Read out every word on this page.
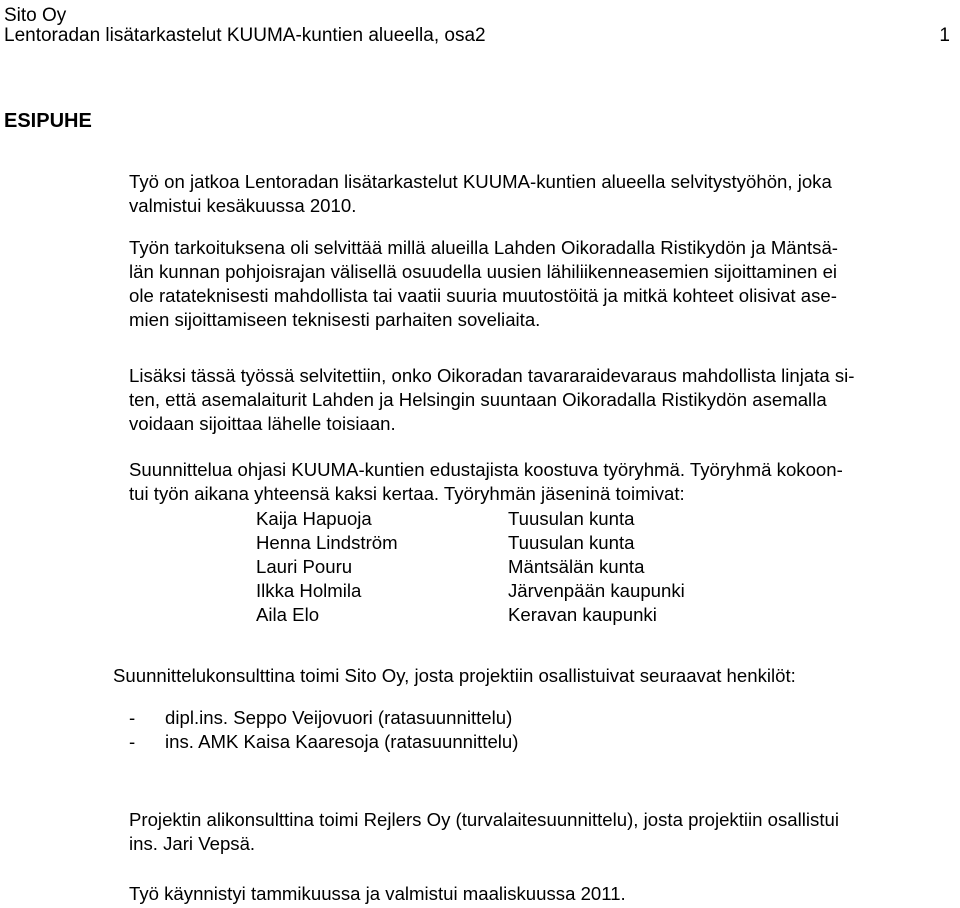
Sito Oy
Lentoradan lisätarkastelut KUUMA-kuntien alueella, osa2	1
ESIPUHE
Työ on jatkoa Lentoradan lisätarkastelut KUUMA-kuntien alueella selvitystyöhön, joka
valmistui kesäkuussa 2010.
Työn tarkoituksena oli selvittää millä alueilla Lahden Oikoradalla Ristikydön ja Mäntsä-
län kunnan pohjoisrajan välisellä osuudella uusien lähiliikenneasemien sijoittaminen ei
ole ratateknisesti mahdollista tai vaatii suuria muutostöitä ja mitkä kohteet olisivat ase-
mien sijoittamiseen teknisesti parhaiten soveliaita.
Lisäksi tässä työssä selvitettiin, onko Oikoradan tavararaidevaraus mahdollista linjata si-
ten, että asemalaiturit Lahden ja Helsingin suuntaan Oikoradalla Ristikydön asemalla
voidaan sijoittaa lähelle toisiaan.
Suunnittelua ohjasi KUUMA-kuntien edustajista koostuva työryhmä. Työryhmä kokoon-
tui työn aikana yhteensä kaksi kertaa. Työryhmän jäseninä toimivat:
Kaija Hapuoja	Tuusulan kunta
Henna Lindström	Tuusulan kunta
Lauri Pouru	Mäntsälän kunta
Ilkka Holmila	Järvenpään kaupunki
Aila Elo	Keravan kaupunki
Suunnittelukonsulttina toimi Sito Oy, josta projektiin osallistuivat seuraavat henkilöt:
- dipl.ins. Seppo Veijovuori (ratasuunnittelu)
- ins. AMK Kaisa Kaaresoja (ratasuunnittelu)
Projektin alikonsulttina toimi Rejlers Oy (turvalaitesuunnittelu), josta projektiin osallistui
ins. Jari Vepsä.
Työ käynnistyi tammikuussa ja valmistui maaliskuussa 2011.
